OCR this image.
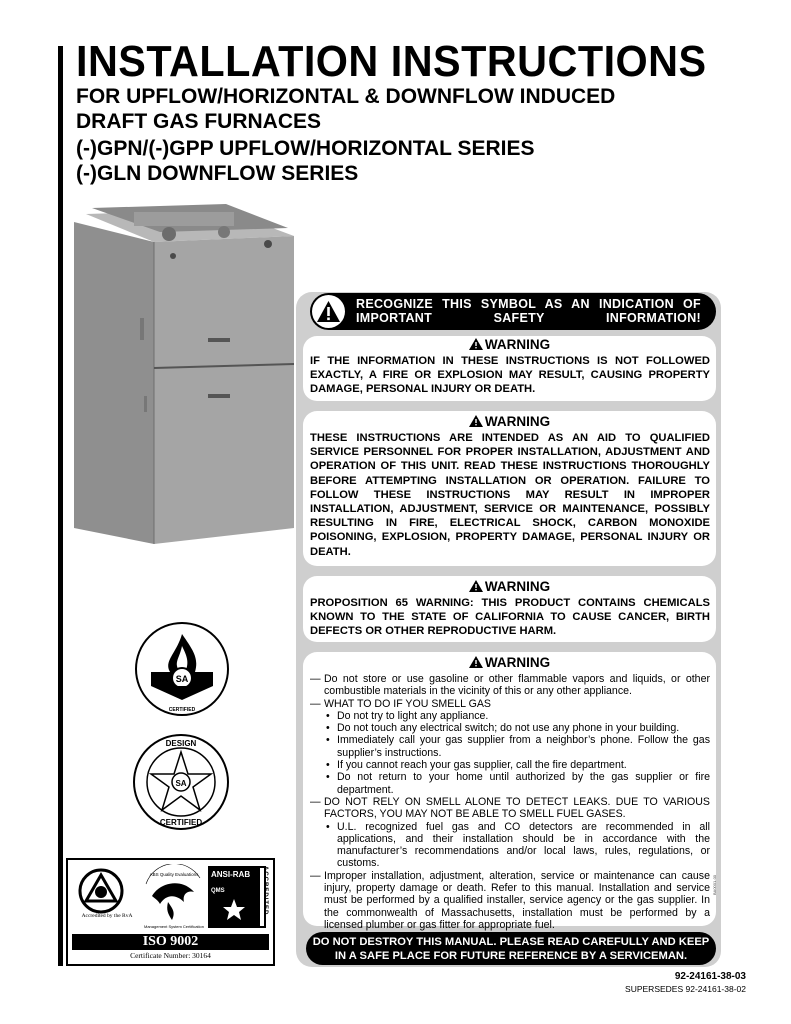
INSTALLATION INSTRUCTIONS
FOR UPFLOW/HORIZONTAL & DOWNFLOW INDUCED
DRAFT GAS FURNACES
(-)GPN/(-)GPP UPFLOW/HORIZONTAL SERIES
(-)GLN DOWNFLOW SERIES
SA
CERTIFIED
DESIGN
CERTIFIED
SA
Accredited by the RvA
ABS Quality Evaluations
Management System Certification
ANSI-RAB
QMS	ACCREDITED
ISO 9002
Certificate Number: 30164
RECOGNIZE THIS SYMBOL AS AN INDICATION OF IMPORTANT SAFETY INFORMATION!
WARNING
IF THE INFORMATION IN THESE INSTRUCTIONS IS NOT FOLLOWED EXACTLY, A FIRE OR EXPLOSION MAY RESULT, CAUSING PROPERTY DAMAGE, PERSONAL INJURY OR DEATH.
WARNING
THESE INSTRUCTIONS ARE INTENDED AS AN AID TO QUALIFIED SERVICE PERSONNEL FOR PROPER INSTALLATION, ADJUSTMENT AND OPERATION OF THIS UNIT. READ THESE INSTRUCTIONS THOROUGHLY BEFORE ATTEMPTING INSTALLATION OR OPERATION. FAILURE TO FOLLOW THESE INSTRUCTIONS MAY RESULT IN IMPROPER INSTALLATION, ADJUSTMENT, SERVICE OR MAINTENANCE, POSSIBLY RESULTING IN FIRE, ELECTRICAL SHOCK, CARBON MONOXIDE POISONING, EXPLOSION, PROPERTY DAMAGE, PERSONAL INJURY OR DEATH.
WARNING
PROPOSITION 65 WARNING: THIS PRODUCT CONTAINS CHEMICALS KNOWN TO THE STATE OF CALIFORNIA TO CAUSE CANCER, BIRTH DEFECTS OR OTHER REPRODUCTIVE HARM.
WARNING
— Do not store or use gasoline or other flammable vapors and liquids, or other combustible materials in the vicinity of this or any other appliance.
— WHAT TO DO IF YOU SMELL GAS
• Do not try to light any appliance.
• Do not touch any electrical switch; do not use any phone in your building.
• Immediately call your gas supplier from a neighbor’s phone. Follow the gas supplier’s instructions.
• If you cannot reach your gas supplier, call the fire department.
• Do not return to your home until authorized by the gas supplier or fire department.
— DO NOT RELY ON SMELL ALONE TO DETECT LEAKS. DUE TO VARIOUS FACTORS, YOU MAY NOT BE ABLE TO SMELL FUEL GASES.
• U.L. recognized fuel gas and CO detectors are recommended in all applications, and their installation should be in accordance with the manufacturer’s recommendations and/or local laws, rules, regulations, or customs.
— Improper installation, adjustment, alteration, service or maintenance can cause injury, property damage or death. Refer to this manual. Installation and service must be performed by a qualified installer, service agency or the gas supplier. In the commonwealth of Massachusetts, installation must be performed by a licensed plumber or gas fitter for appropriate fuel.
BA0001-00
DO NOT DESTROY THIS MANUAL. PLEASE READ CAREFULLY AND KEEP
IN A SAFE PLACE FOR FUTURE REFERENCE BY A SERVICEMAN.
92-24161-38-03
SUPERSEDES 92-24161-38-02
